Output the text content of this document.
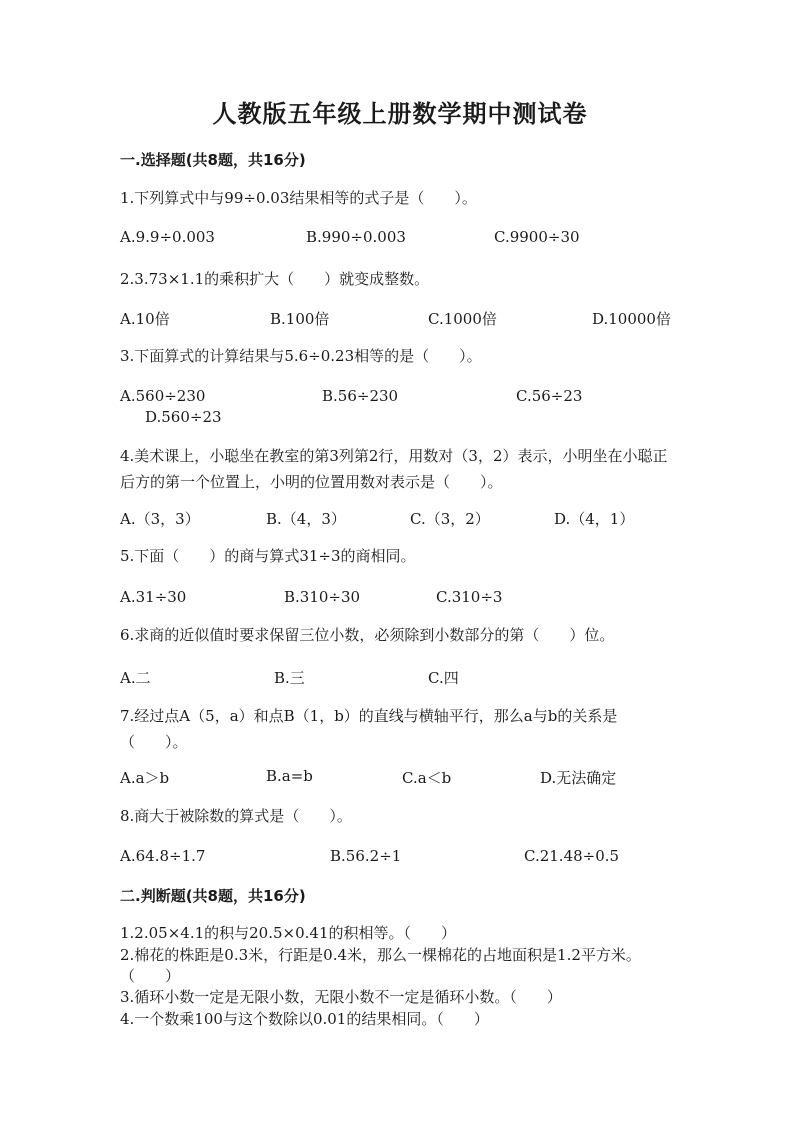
人教版五年级上册数学期中测试卷
一.选择题(共8题，共16分)
1.下列算式中与99÷0.03结果相等的式子是（　　）。
A.9.9÷0.003	B.990÷0.003	C.9900÷30
2.3.73×1.1的乘积扩大（　　）就变成整数。
A.10倍	B.100倍	C.1000倍	D.10000倍
3.下面算式的计算结果与5.6÷0.23相等的是（　　）。
A.560÷230	B.56÷230	C.56÷23
D.560÷23
4.美术课上，小聪坐在教室的第3列第2行，用数对（3，2）表示，小明坐在小聪正后方的第一个位置上，小明的位置用数对表示是（　　）。
A.（3，3）	B.（4，3）	C.（3，2）	D.（4，1）
5.下面（　　）的商与算式31÷3的商相同。
A.31÷30	B.310÷30	C.310÷3
6.求商的近似值时要求保留三位小数，必须除到小数部分的第（　　）位。
A.二	B.三	C.四
7.经过点A（5，a）和点B（1，b）的直线与横轴平行，那么a与b的关系是（　　）。
A.a＞b	B.a=b	C.a＜b	D.无法确定
8.商大于被除数的算式是（　　）。
A.64.8÷1.7	B.56.2÷1	C.21.48÷0.5
二.判断题(共8题，共16分)
1.2.05×4.1的积与20.5×0.41的积相等。（　　）
2.棉花的株距是0.3米，行距是0.4米，那么一棵棉花的占地面积是1.2平方米。（　　）
3.循环小数一定是无限小数，无限小数不一定是循环小数。（　　）
4.一个数乘100与这个数除以0.01的结果相同。（　　）
